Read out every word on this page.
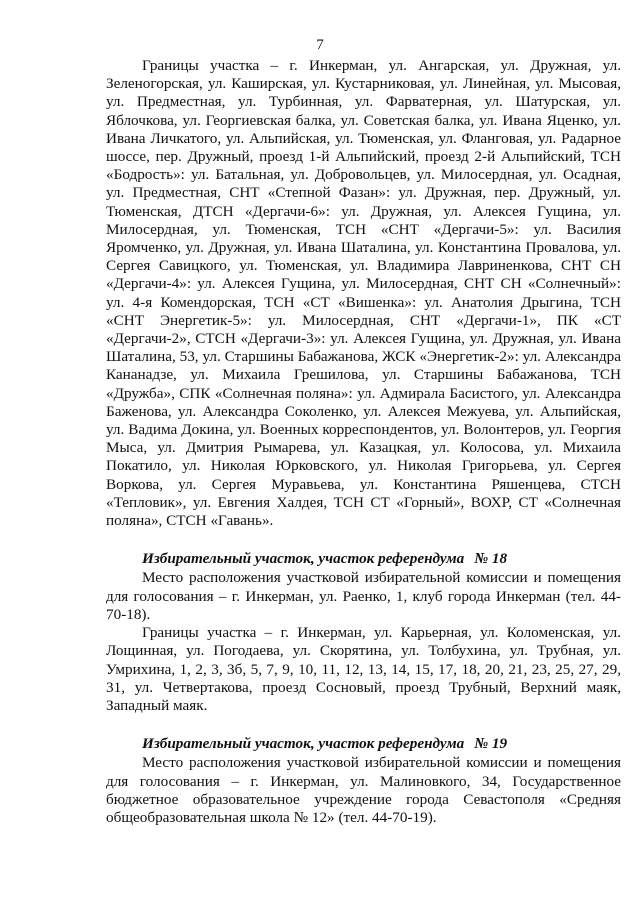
7

Границы участка – г. Инкерман, ул. Ангарская, ул. Дружная, ул. Зеленогорская, ул. Каширская, ул. Кустарниковая, ул. Линейная, ул. Мысовая, ул. Предместная, ул. Турбинная, ул. Фарватерная, ул. Шатурская, ул. Яблочкова, ул. Георгиевская балка, ул. Советская балка, ул. Ивана Яценко, ул. Ивана Личкатого, ул. Альпийская, ул. Тюменская, ул. Фланговая, ул. Радарное шоссе, пер. Дружный, проезд 1-й Альпийский, проезд 2-й Альпийский, ТСН «Бодрость»: ул. Батальная, ул. Добровольцев, ул. Милосердная, ул. Осадная, ул. Предместная, СНТ «Степной Фазан»: ул. Дружная, пер. Дружный, ул. Тюменская, ДТСН «Дергачи-6»: ул. Дружная, ул. Алексея Гущина, ул. Милосердная, ул. Тюменская, ТСН «СНТ «Дергачи-5»: ул. Василия Яромченко, ул. Дружная, ул. Ивана Шаталина, ул. Константина Провалова, ул. Сергея Савицкого, ул. Тюменская, ул. Владимира Лавриненкова, СНТ СН «Дергачи-4»: ул. Алексея Гущина, ул. Милосердная, СНТ СН «Солнечный»: ул. 4-я Комендорская, ТСН «СТ «Вишенка»: ул. Анатолия Дрыгина, ТСН «СНТ Энергетик-5»: ул. Милосердная, СНТ «Дергачи-1», ПК «СТ «Дергачи-2», СТСН «Дергачи-3»: ул. Алексея Гущина, ул. Дружная, ул. Ивана Шаталина, 53, ул. Старшины Бабажанова, ЖСК «Энергетик-2»: ул. Александра Кананадзе, ул. Михаила Грешилова, ул. Старшины Бабажанова, ТСН «Дружба», СПК «Солнечная поляна»: ул. Адмирала Басистого, ул. Александра Баженова, ул. Александра Соколенко, ул. Алексея Межуева, ул. Альпийская, ул. Вадима Докина, ул. Военных корреспондентов, ул. Волонтеров, ул. Георгия Мыса, ул. Дмитрия Рымарева, ул. Казацкая, ул. Колосова, ул. Михаила Покатило, ул. Николая Юрковского, ул. Николая Григорьева, ул. Сергея Воркова, ул. Сергея Муравьева, ул. Константина Ряшенцева, СТСН «Тепловик», ул. Евгения Халдея, ТСН СТ «Горный», ВОХР, СТ «Солнечная поляна», СТСН «Гавань».

Избирательный участок, участок референдума № 18

Место расположения участковой избирательной комиссии и помещения для голосования – г. Инкерман, ул. Раенко, 1, клуб города Инкерман (тел. 44-70-18).

Границы участка – г. Инкерман, ул. Карьерная, ул. Коломенская, ул. Лощинная, ул. Погодаева, ул. Скорятина, ул. Толбухина, ул. Трубная, ул. Умрихина, 1, 2, 3, 3б, 5, 7, 9, 10, 11, 12, 13, 14, 15, 17, 18, 20, 21, 23, 25, 27, 29, 31, ул. Четвертакова, проезд Сосновый, проезд Трубный, Верхний маяк, Западный маяк.

Избирательный участок, участок референдума № 19

Место расположения участковой избирательной комиссии и помещения для голосования – г. Инкерман, ул. Малиновкого, 34, Государственное бюджетное образовательное учреждение города Севастополя «Средняя общеобразовательная школа № 12» (тел. 44-70-19).
